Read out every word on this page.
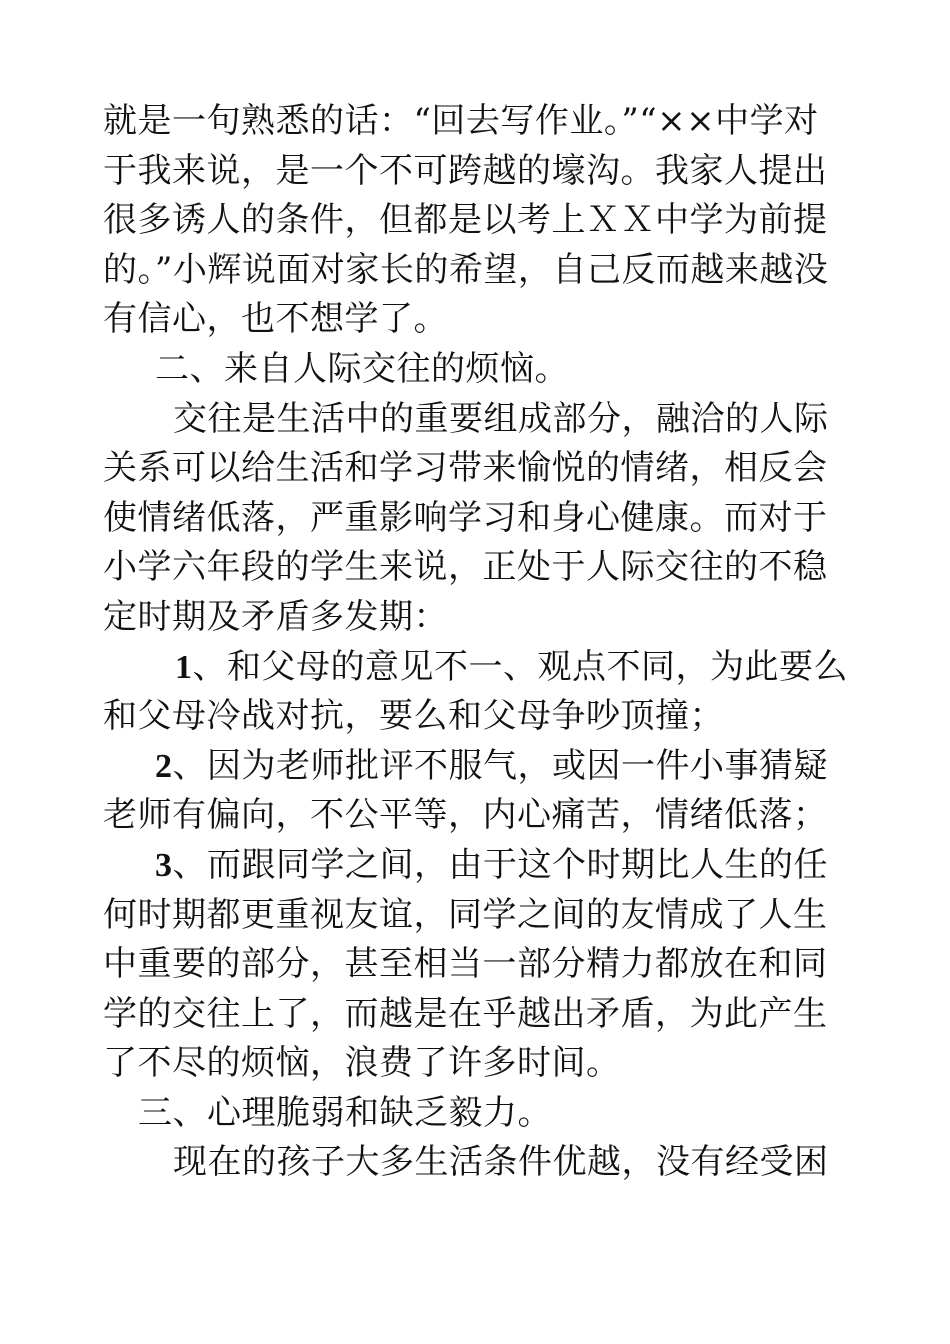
就是一句熟悉的话：“回去写作业。”“××中学对
于我来说，是一个不可跨越的壕沟。我家人提出
很多诱人的条件，但都是以考上ＸＸ中学为前提
的。”小辉说面对家长的希望，自己反而越来越没
有信心，也不想学了。
二、来自人际交往的烦恼。
交往是生活中的重要组成部分，融洽的人际
关系可以给生活和学习带来愉悦的情绪，相反会
使情绪低落，严重影响学习和身心健康。而对于
小学六年段的学生来说，正处于人际交往的不稳
定时期及矛盾多发期：
1、和父母的意见不一、观点不同，为此要么
和父母冷战对抗，要么和父母争吵顶撞；
2、因为老师批评不服气，或因一件小事猜疑
老师有偏向，不公平等，内心痛苦，情绪低落；
3、而跟同学之间，由于这个时期比人生的任
何时期都更重视友谊，同学之间的友情成了人生
中重要的部分，甚至相当一部分精力都放在和同
学的交往上了，而越是在乎越出矛盾，为此产生
了不尽的烦恼，浪费了许多时间。
三、心理脆弱和缺乏毅力。
现在的孩子大多生活条件优越，没有经受困
